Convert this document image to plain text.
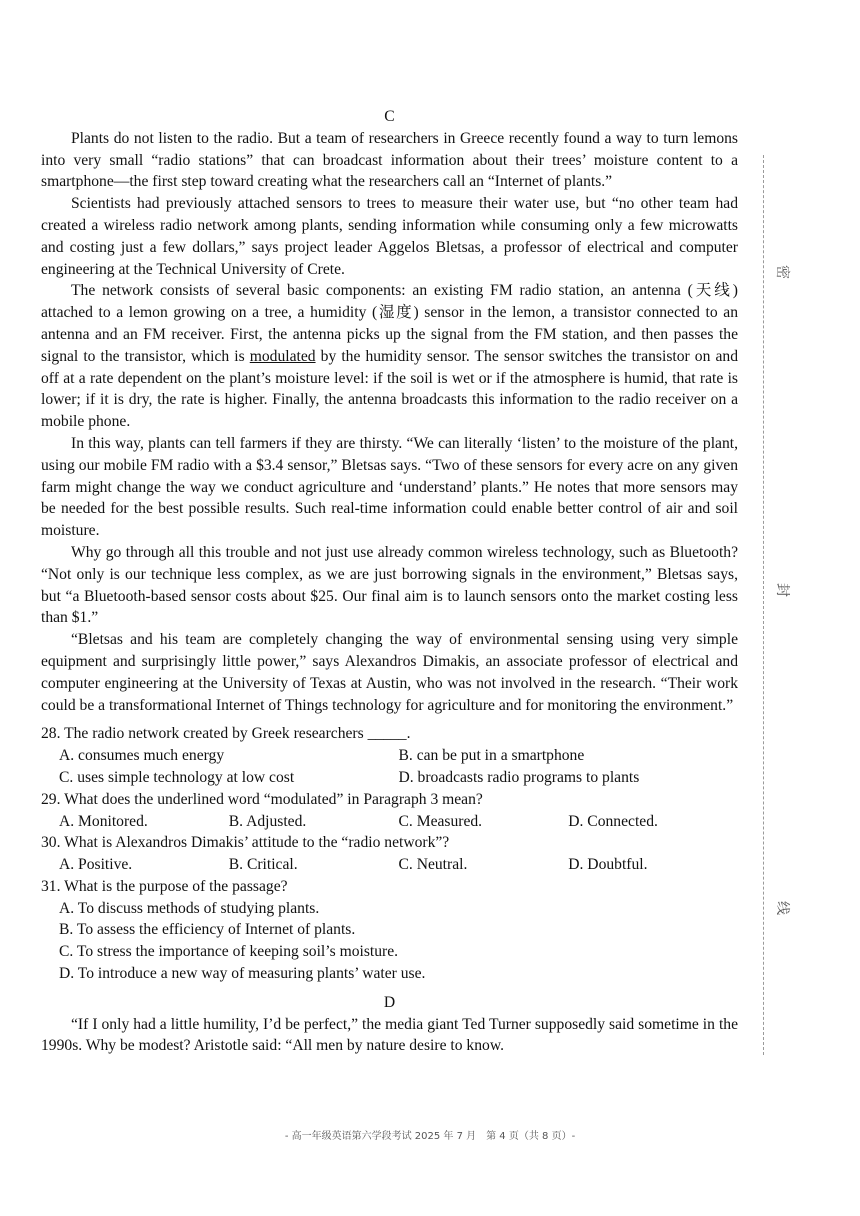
C

Plants do not listen to the radio. But a team of researchers in Greece recently found a way to turn lemons into very small “radio stations” that can broadcast information about their trees’ moisture content to a smartphone—the first step toward creating what the researchers call an “Internet of plants.”

Scientists had previously attached sensors to trees to measure their water use, but “no other team had created a wireless radio network among plants, sending information while consuming only a few microwatts and costing just a few dollars,” says project leader Aggelos Bletsas, a professor of electrical and computer engineering at the Technical University of Crete.

The network consists of several basic components: an existing FM radio station, an antenna (天线) attached to a lemon growing on a tree, a humidity (湿度) sensor in the lemon, a transistor connected to an antenna and an FM receiver. First, the antenna picks up the signal from the FM station, and then passes the signal to the transistor, which is modulated by the humidity sensor. The sensor switches the transistor on and off at a rate dependent on the plant’s moisture level: if the soil is wet or if the atmosphere is humid, that rate is lower; if it is dry, the rate is higher. Finally, the antenna broadcasts this information to the radio receiver on a mobile phone.

In this way, plants can tell farmers if they are thirsty. “We can literally ‘listen’ to the moisture of the plant, using our mobile FM radio with a $3.4 sensor,” Bletsas says. “Two of these sensors for every acre on any given farm might change the way we conduct agriculture and ‘understand’ plants.” He notes that more sensors may be needed for the best possible results. Such real-time information could enable better control of air and soil moisture.

Why go through all this trouble and not just use already common wireless technology, such as Bluetooth? “Not only is our technique less complex, as we are just borrowing signals in the environment,” Bletsas says, but “a Bluetooth-based sensor costs about $25. Our final aim is to launch sensors onto the market costing less than $1.”

“Bletsas and his team are completely changing the way of environmental sensing using very simple equipment and surprisingly little power,” says Alexandros Dimakis, an associate professor of electrical and computer engineering at the University of Texas at Austin, who was not involved in the research. “Their work could be a transformational Internet of Things technology for agriculture and for monitoring the environment.”

28. The radio network created by Greek researchers _____.

A. consumes much energy	B. can be put in a smartphone
C. uses simple technology at low cost	D. broadcasts radio programs to plants

29. What does the underlined word “modulated” in Paragraph 3 mean?

A. Monitored.	B. Adjusted.	C. Measured.	D. Connected.

30. What is Alexandros Dimakis’ attitude to the “radio network”?

A. Positive.	B. Critical.	C. Neutral.	D. Doubtful.

31. What is the purpose of the passage?

A. To discuss methods of studying plants.

B. To assess the efficiency of Internet of plants.

C. To stress the importance of keeping soil’s moisture.

D. To introduce a new way of measuring plants’ water use.

D

“If I only had a little humility, I’d be perfect,” the media giant Ted Turner supposedly said sometime in the 1990s. Why be modest? Aristotle said: “All men by nature desire to know.

密
封
线
- 高一年级英语第六学段考试 2025 年 7 月　第 4 页（共 8 页）-
